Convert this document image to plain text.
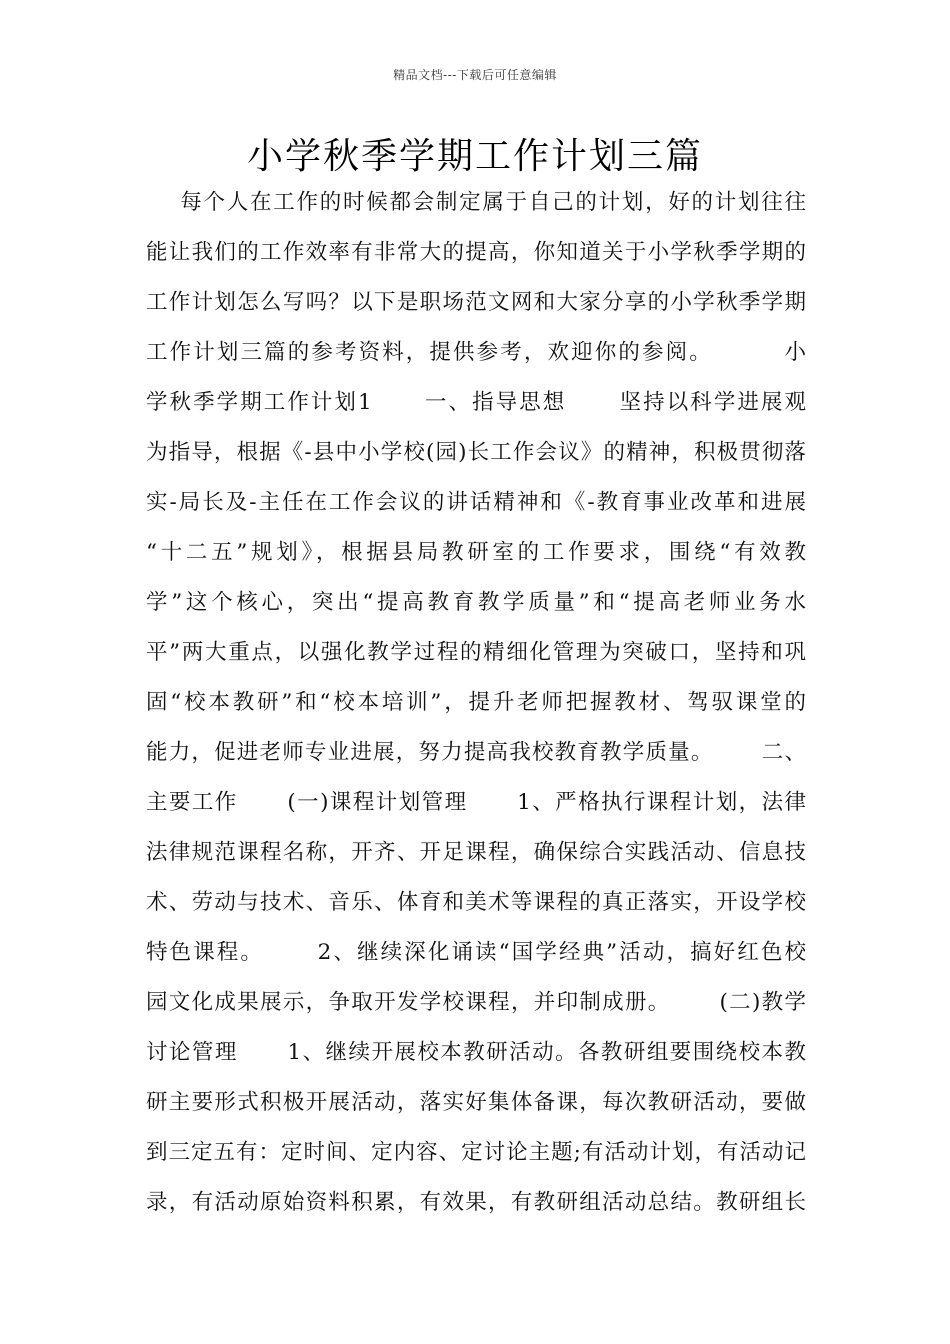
精品文档---下载后可任意编辑
小学秋季学期工作计划三篇
每个人在工作的时候都会制定属于自己的计划，好的计划往往
能让我们的工作效率有非常大的提高，你知道关于小学秋季学期的
工作计划怎么写吗？以下是职场范文网和大家分享的小学秋季学期
工作计划三篇的参考资料，提供参考，欢迎你的参阅。        小
学秋季学期工作计划1      一、指导思想      坚持以科学进展观
为指导，根据《-县中小学校(园)长工作会议》的精神，积极贯彻落
实-局长及-主任在工作会议的讲话精神和《-教育事业改革和进展
“十二五”规划》，根据县局教研室的工作要求，围绕“有效教
学”这个核心，突出“提高教育教学质量”和“提高老师业务水
平”两大重点，以强化教学过程的精细化管理为突破口，坚持和巩
固“校本教研”和“校本培训”，提升老师把握教材、驾驭课堂的
能力，促进老师专业进展，努力提高我校教育教学质量。      二、
主要工作      (一)课程计划管理      1、严格执行课程计划，法律
法律规范课程名称，开齐、开足课程，确保综合实践活动、信息技
术、劳动与技术、音乐、体育和美术等课程的真正落实，开设学校
特色课程。      2、继续深化诵读“国学经典”活动，搞好红色校
园文化成果展示，争取开发学校课程，并印制成册。      (二)教学
讨论管理      1、继续开展校本教研活动。各教研组要围绕校本教
研主要形式积极开展活动，落实好集体备课，每次教研活动，要做
到三定五有：定时间、定内容、定讨论主题;有活动计划，有活动记
录，有活动原始资料积累，有效果，有教研组活动总结。教研组长
